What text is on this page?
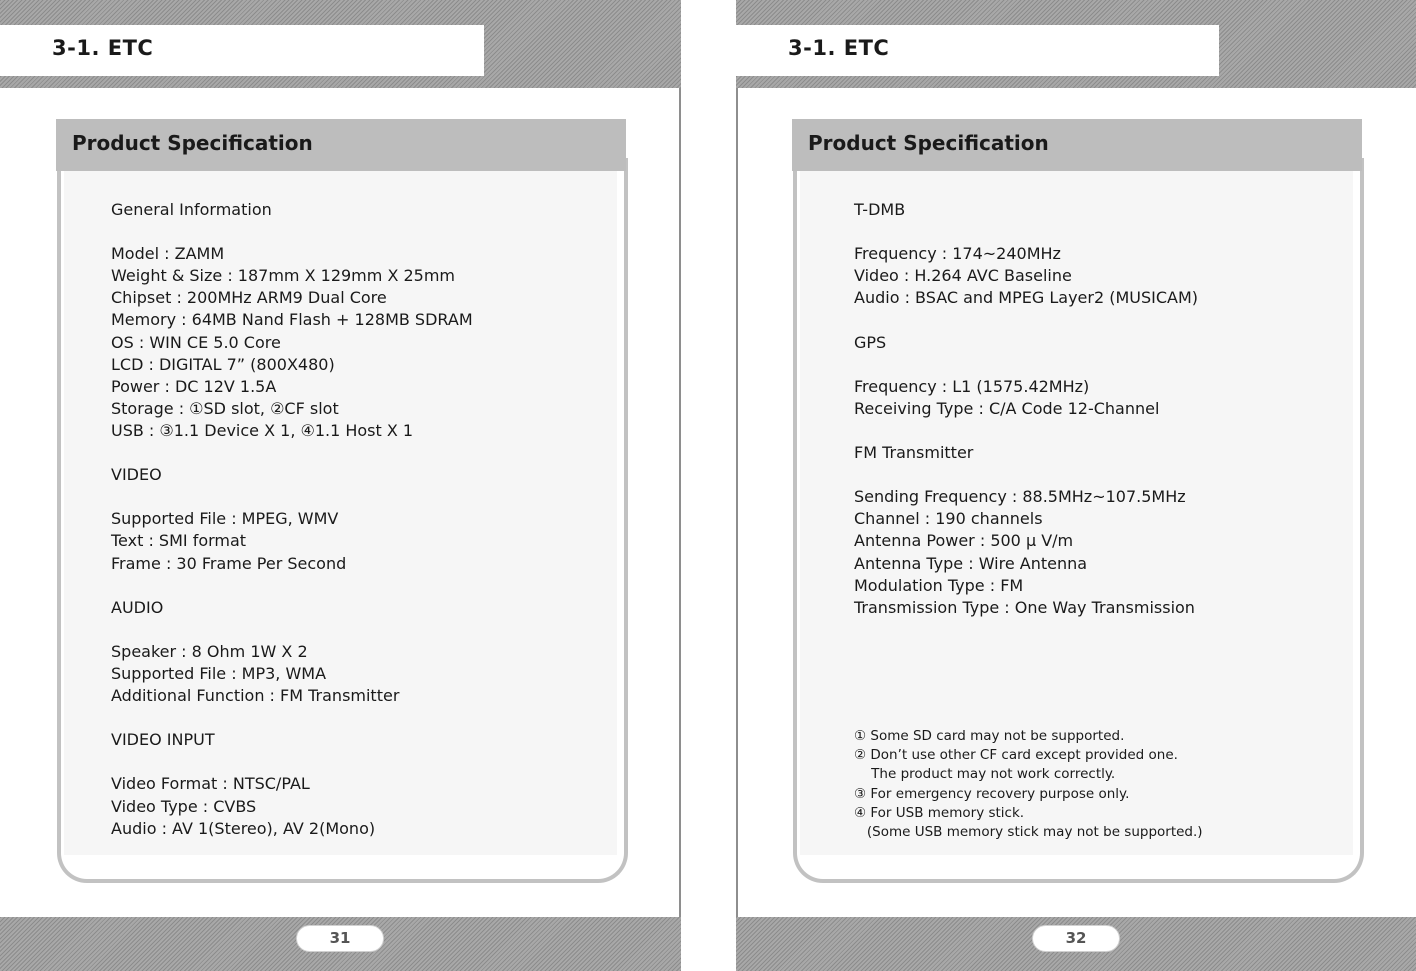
3-1. ETC
Product Specification
General Information
Model : ZAMM
Weight & Size : 187mm X 129mm X 25mm
Chipset : 200MHz ARM9 Dual Core
Memory : 64MB Nand Flash + 128MB SDRAM
OS : WIN CE 5.0 Core
LCD : DIGITAL 7” (800X480)
Power : DC 12V 1.5A
Storage : ①SD slot, ②CF slot
USB : ③1.1 Device X 1, ④1.1 Host X 1
VIDEO
Supported File : MPEG, WMV
Text : SMI format
Frame : 30 Frame Per Second
AUDIO
Speaker : 8 Ohm 1W X 2
Supported File : MP3, WMA
Additional Function : FM Transmitter
VIDEO INPUT
Video Format : NTSC/PAL
Video Type : CVBS
Audio : AV 1(Stereo), AV 2(Mono)
31
3-1. ETC
Product Specification
T-DMB
Frequency : 174~240MHz
Video : H.264 AVC Baseline
Audio : BSAC and MPEG Layer2 (MUSICAM)
GPS
Frequency : L1 (1575.42MHz)
Receiving Type : C/A Code 12-Channel
FM Transmitter
Sending Frequency : 88.5MHz~107.5MHz
Channel : 190 channels
Antenna Power : 500 μ V/m
Antenna Type : Wire Antenna
Modulation Type : FM
Transmission Type : One Way Transmission
① Some SD card may not be supported.
② Don’t use other CF card except provided one.
The product may not work correctly.
③ For emergency recovery purpose only.
④ For USB memory stick.
(Some USB memory stick may not be supported.)
32
